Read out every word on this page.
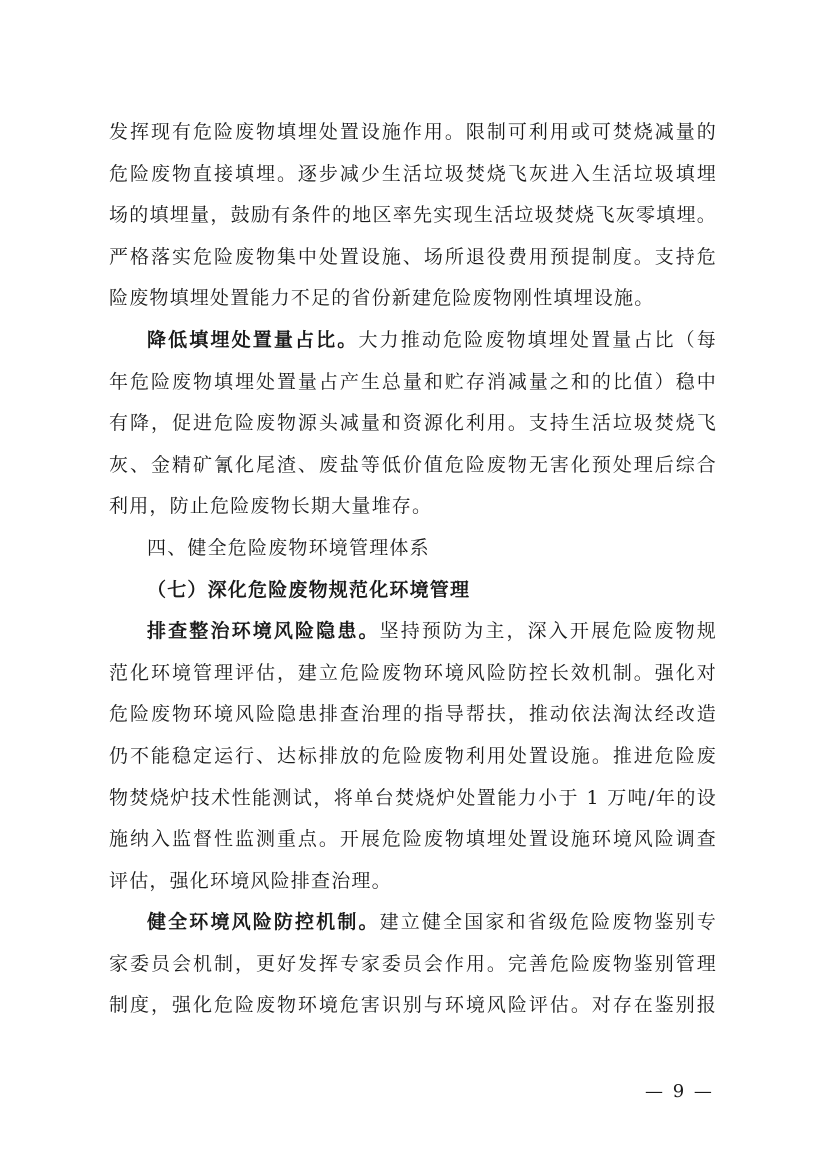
发挥现有危险废物填埋处置设施作用。限制可利用或可焚烧减量的
危险废物直接填埋。逐步减少生活垃圾焚烧飞灰进入生活垃圾填埋
场的填埋量，鼓励有条件的地区率先实现生活垃圾焚烧飞灰零填埋。
严格落实危险废物集中处置设施、场所退役费用预提制度。支持危
险废物填埋处置能力不足的省份新建危险废物刚性填埋设施。
降低填埋处置量占比。大力推动危险废物填埋处置量占比（每
年危险废物填埋处置量占产生总量和贮存消减量之和的比值）稳中
有降，促进危险废物源头减量和资源化利用。支持生活垃圾焚烧飞
灰、金精矿氰化尾渣、废盐等低价值危险废物无害化预处理后综合
利用，防止危险废物长期大量堆存。
四、健全危险废物环境管理体系
（七）深化危险废物规范化环境管理
排查整治环境风险隐患。坚持预防为主，深入开展危险废物规
范化环境管理评估，建立危险废物环境风险防控长效机制。强化对
危险废物环境风险隐患排查治理的指导帮扶，推动依法淘汰经改造
仍不能稳定运行、达标排放的危险废物利用处置设施。推进危险废
物焚烧炉技术性能测试，将单台焚烧炉处置能力小于 1 万吨/年的设
施纳入监督性监测重点。开展危险废物填埋处置设施环境风险调查
评估，强化环境风险排查治理。
健全环境风险防控机制。建立健全国家和省级危险废物鉴别专
家委员会机制，更好发挥专家委员会作用。完善危险废物鉴别管理
制度，强化危险废物环境危害识别与环境风险评估。对存在鉴别报
— 9 —
